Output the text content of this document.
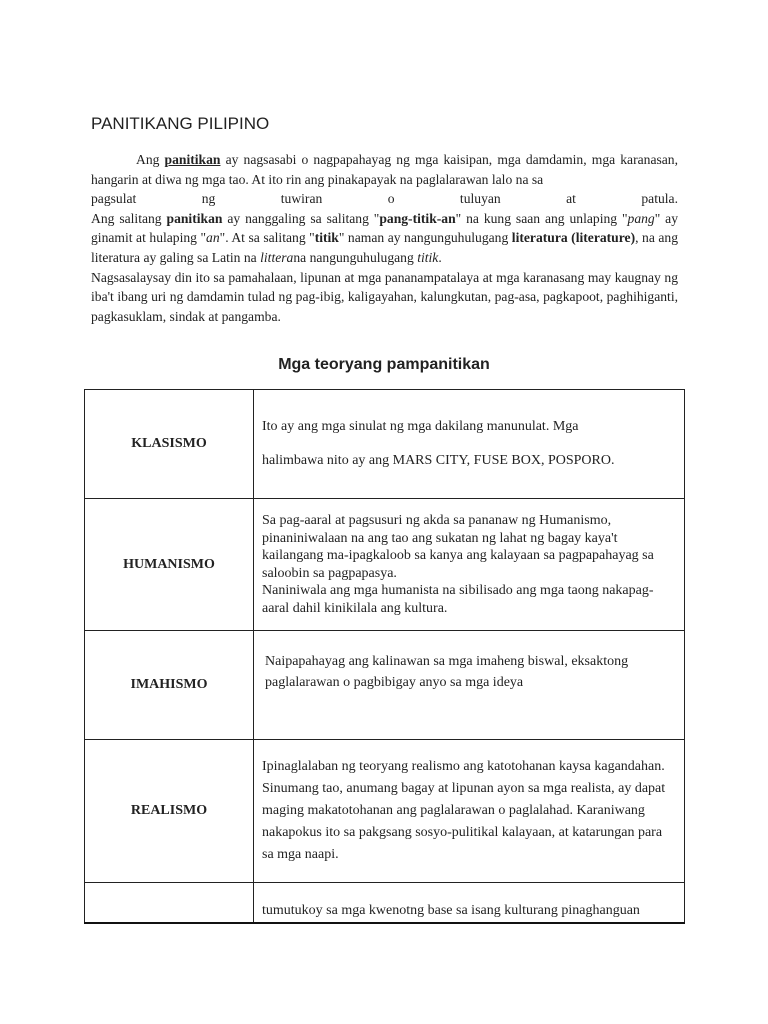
PANITIKANG PILIPINO

Ang panitikan ay nagsasabi o nagpapahayag ng mga kaisipan, mga damdamin, mga karanasan, hangarin at diwa ng mga tao. At ito rin ang pinakapayak na paglalarawan lalo na sa

pagsulat	ng	tuwiran	o	tuluyan	at	patula.

Ang salitang panitikan ay nanggaling sa salitang "pang-titik-an" na kung saan ang unlaping "pang" ay ginamit at hulaping "an". At sa salitang "titik" naman ay nangunguhulugang literatura (literature), na ang literatura ay galing sa Latin na litterana nangunguhulugang titik.

Nagsasalaysay din ito sa pamahalaan, lipunan at mga pananampatalaya at mga karanasang may kaugnay ng iba't ibang uri ng damdamin tulad ng pag-ibig, kaligayahan, kalungkutan, pag-asa, pagkapoot, paghihiganti, pagkasuklam, sindak at pangamba.

Mga teoryang pampanitikan
KLASISMO	Ito ay ang mga sinulat ng mga dakilang manunulat. Mga
halimbawa nito ay ang MARS CITY, FUSE BOX, POSPORO.

HUMANISMO	Sa pag-aaral at pagsusuri ng akda sa pananaw ng Humanismo, pinaniniwalaan na ang tao ang sukatan ng lahat ng bagay kaya't kailangang ma-ipagkaloob sa kanya ang kalayaan sa pagpapahayag sa saloobin sa pagpapasya.
Naniniwala ang mga humanista na sibilisado ang mga taong nakapag-aaral dahil kinikilala ang kultura.

IMAHISMO	Naipapahayag ang kalinawan sa mga imaheng biswal, eksaktong paglalarawan o pagbibigay anyo sa mga ideya

REALISMO	Ipinaglalaban ng teoryang realismo ang katotohanan kaysa kagandahan. Sinumang tao, anumang bagay at lipunan ayon sa mga realista, ay dapat maging makatotohanan ang paglalarawan o paglalahad. Karaniwang nakapokus ito sa pakgsang sosyo-pulitikal kalayaan, at katarungan para sa mga naapi.

	tumutukoy sa mga kwenotng base sa isang kulturang pinaghanguan
